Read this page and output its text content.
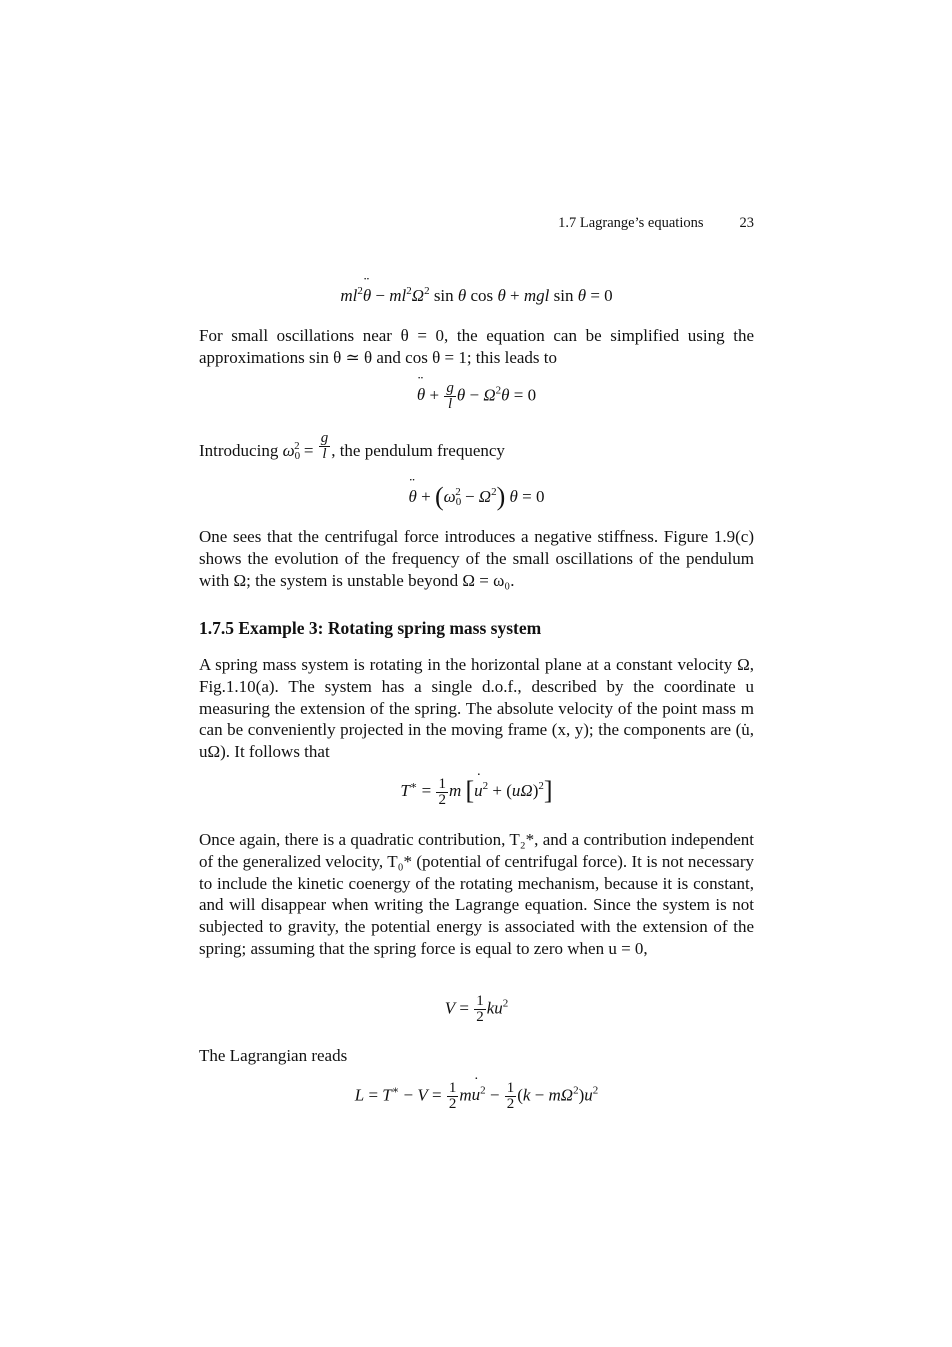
1.7 Lagrange’s equations 23
$ml^2¨$ $\theta - ml^2\Omega^2$ sin θ cos θ + mgl sin θ = 0
For small oscillations near θ = 0, the equation can be simplified using the approximations sin θ ≃ θ and cos θ = 1; this leads to
¨ $\theta + \frac{g}{l}$ $\theta - \Omega^2\theta = 0$
Introducing $\omega_0^2 = \frac{g}{l}$ , the pendulum frequency
¨ $\theta + (\omega_0^2 - \Omega^2) \theta = 0$
One sees that the centrifugal force introduces a negative stiffness. Figure 1.9(c) shows the evolution of the frequency of the small oscillations of the pendulum with Ω; the system is unstable beyond Ω = ω₀.
1.7.5 Example 3: Rotating spring mass system
A spring mass system is rotating in the horizontal plane at a constant velocity Ω, Fig.1.10(a). The system has a single d.o.f., described by the coordinate u measuring the extension of the spring. The absolute velocity of the point mass m can be conveniently projected in the moving frame (x, y); the components are (u̇, uΩ). It follows that
$T^∗ = \frac{1}{2}$ m [˙ $u^2 + (u\Omega)^2$]
Once again, there is a quadratic contribution, T₂*, and a contribution independent of the generalized velocity, T₀* (potential of centrifugal force). It is not necessary to include the kinetic coenergy of the rotating mechanism, because it is constant, and will disappear when writing the Lagrange equation. Since the system is not subjected to gravity, the potential energy is associated with the extension of the spring; assuming that the spring force is equal to zero when u = 0,
$V = \frac{1}{2} ku^2$
The Lagrangian reads
$L = T^∗ - V = \frac{1}{2}$ m˙ $u^2 - \frac{1}{2} (k - m\Omega^2)u^2$
